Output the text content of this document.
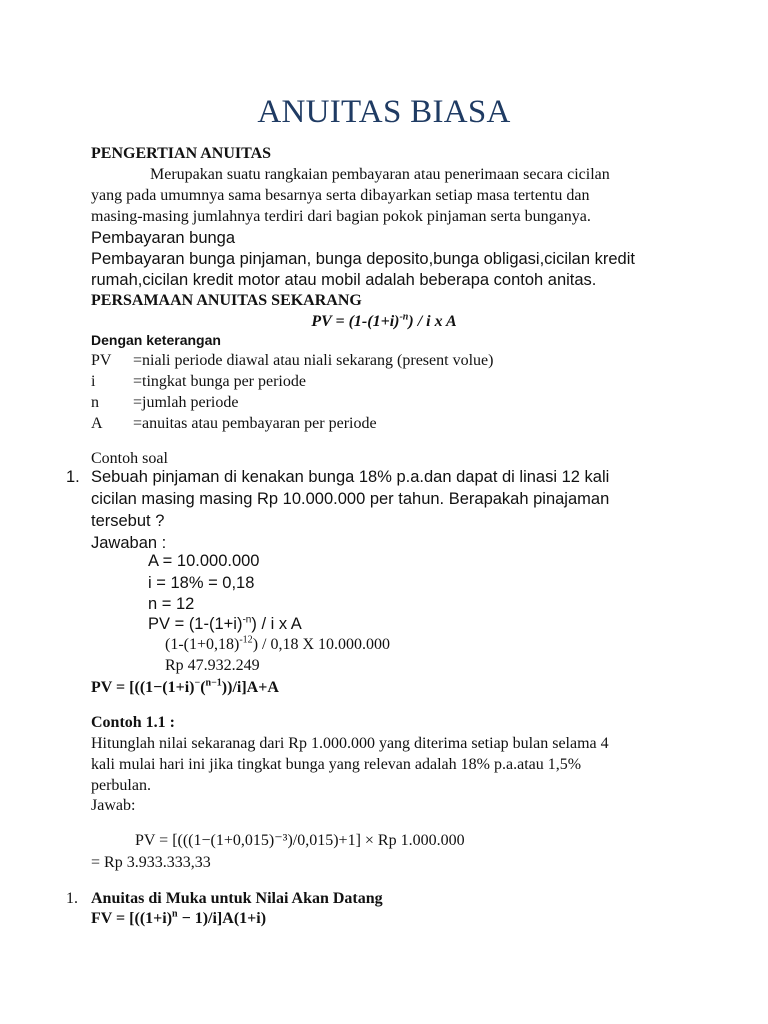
ANUITAS BIASA
PENGERTIAN ANUITAS
Merupakan suatu rangkaian pembayaran atau penerimaan secara cicilan
yang pada umumnya sama besarnya serta dibayarkan setiap masa tertentu dan
masing-masing jumlahnya terdiri dari bagian pokok pinjaman serta bunganya.
Pembayaran bunga
Pembayaran bunga pinjaman, bunga deposito,bunga obligasi,cicilan kredit
rumah,cicilan kredit motor atau mobil adalah beberapa contoh anitas.
PERSAMAAN ANUITAS SEKARANG
PV = $(1-(1+i)^{-n}) / i$ x A
Dengan keterangan
PV =niali periode diawal atau niali sekarang (present volue)
i =tingkat bunga per periode
n =jumlah periode
A =anuitas atau pembayaran per periode
Contoh soal
1. Sebuah pinjaman di kenakan bunga 18% p.a.dan dapat di linasi 12 kali
cicilan masing masing Rp 10.000.000 per tahun. Berapakah pinajaman
tersebut ?
Jawaban :
A = 10.000.000
i = 18% = 0,18
n = 12
PV = $(1-(1+i)^{-n}) / i$ x A
$(1-(1+0,18)^{-12}) / 0,18$ X 10.000.000
Rp 47.932.249
PV = [((1−(1+i)−($^{n-1}$))/i]A+A
Contoh 1.1 :
Hitunglah nilai sekaranag dari Rp 1.000.000 yang diterima setiap bulan selama 4
kali mulai hari ini jika tingkat bunga yang relevan adalah 18% p.a.atau 1,5%
perbulan.
Jawab:
PV = [(((1−(1+0,015)⁻³)/0,015)+1] × Rp 1.000.000
= Rp 3.933.333,33
1. Anuitas di Muka untuk Nilai Akan Datang
FV = $[((1+i)^n - 1)/i]A(1+i)$
